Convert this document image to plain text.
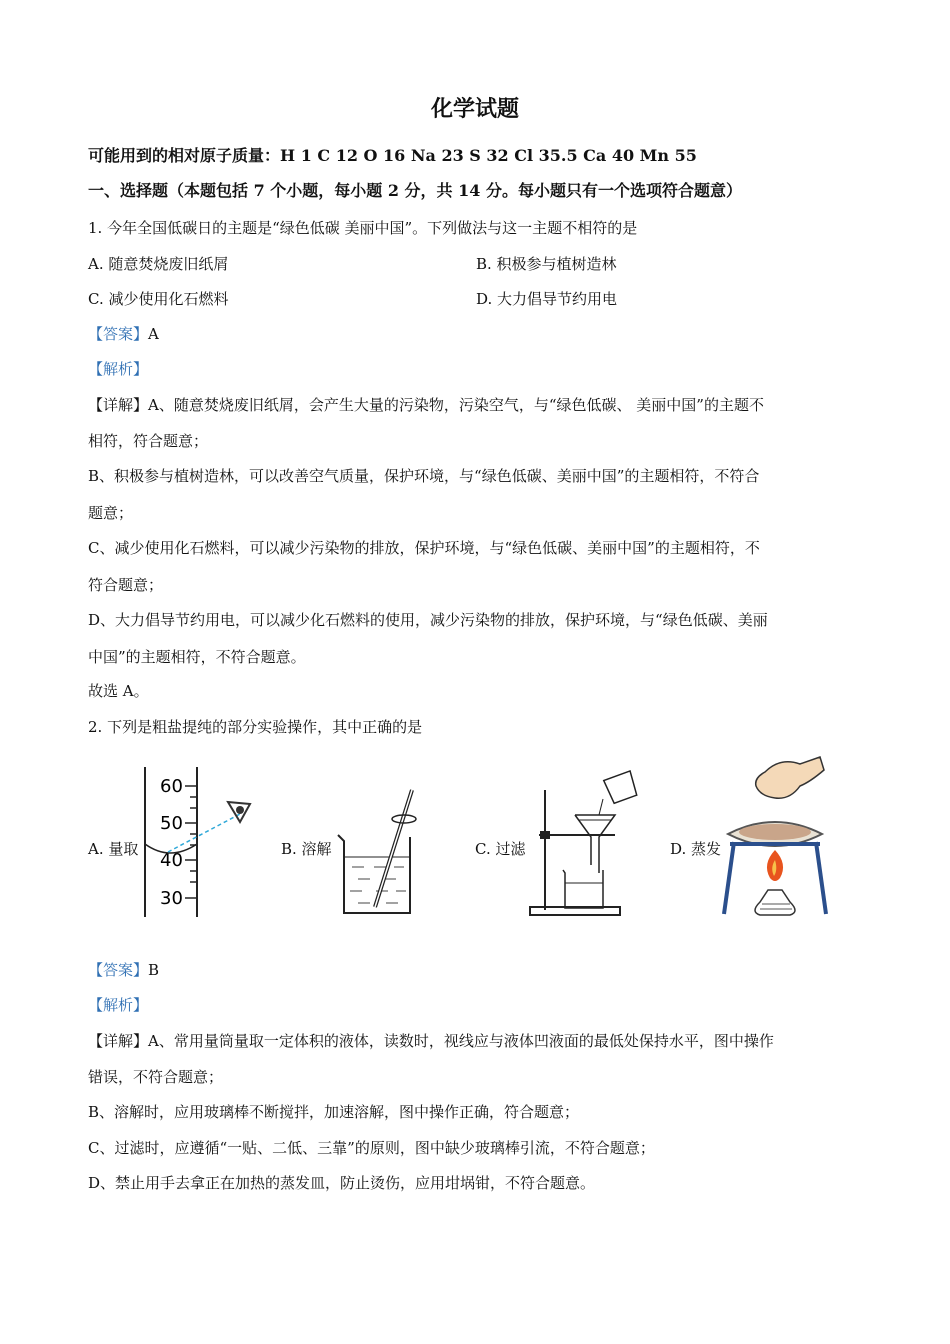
化学试题
可能用到的相对原子质量：H 1 C 12 O 16 Na 23 S 32 Cl 35.5 Ca 40 Mn 55
一、选择题（本题包括 7 个小题，每小题 2 分，共 14 分。每小题只有一个选项符合题意）
1. 今年全国低碳日的主题是“绿色低碳 美丽中国”。下列做法与这一主题不相符的是
A. 随意焚烧废旧纸屑	B. 积极参与植树造林
C. 减少使用化石燃料	D. 大力倡导节约用电
【答案】A
【解析】
【详解】A、随意焚烧废旧纸屑，会产生大量的污染物，污染空气，与“绿色低碳、 美丽中国”的主题不
相符，符合题意；
B、积极参与植树造林，可以改善空气质量，保护环境，与“绿色低碳、美丽中国”的主题相符，不符合
题意；
C、减少使用化石燃料，可以减少污染物的排放，保护环境，与“绿色低碳、美丽中国”的主题相符，不
符合题意；
D、大力倡导节约用电，可以减少化石燃料的使用，减少污染物的排放，保护环境，与“绿色低碳、美丽
中国”的主题相符，不符合题意。
故选 A。
2. 下列是粗盐提纯的部分实验操作，其中正确的是
A. 量取
60
50
40
30
B. 溶解	C. 过滤	D. 蒸发
【答案】B
【解析】
【详解】A、常用量筒量取一定体积的液体，读数时，视线应与液体凹液面的最低处保持水平，图中操作
错误，不符合题意；
B、溶解时，应用玻璃棒不断搅拌，加速溶解，图中操作正确，符合题意；
C、过滤时，应遵循“一贴、二低、三靠”的原则，图中缺少玻璃棒引流，不符合题意；
D、禁止用手去拿正在加热的蒸发皿，防止烫伤，应用坩埚钳，不符合题意。
